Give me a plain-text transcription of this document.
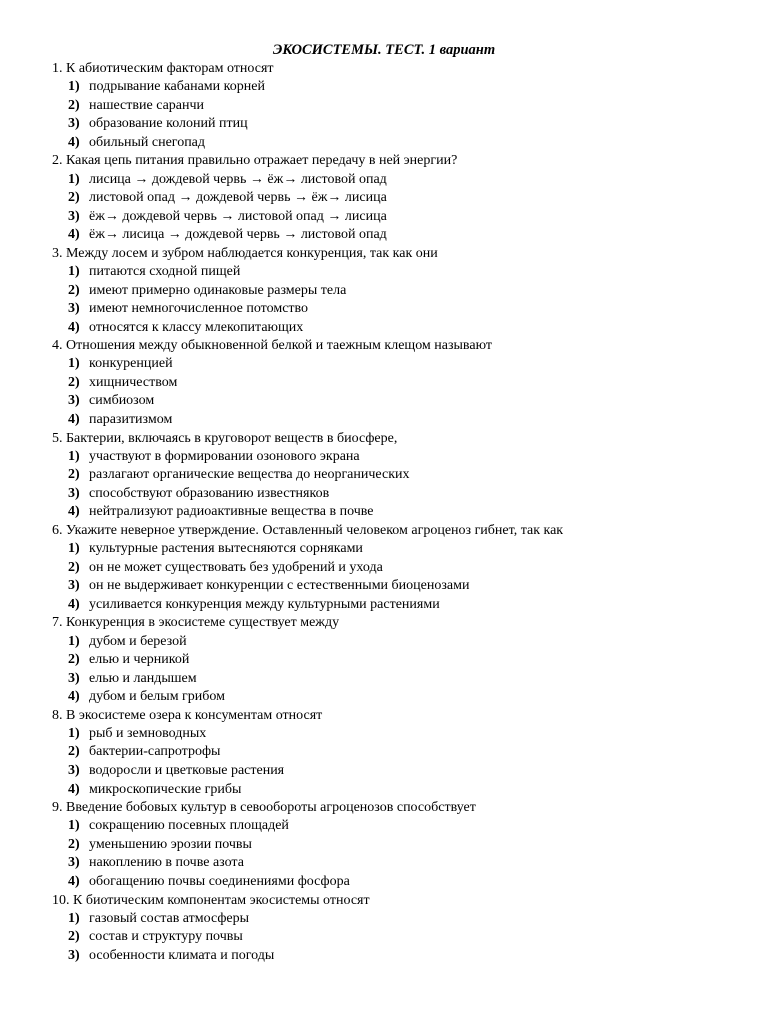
ЭКОСИСТЕМЫ. ТЕСТ. 1 вариант
1. К абиотическим факторам относят
1) подрывание кабанами корней
2) нашествие саранчи
3) образование колоний птиц
4) обильный снегопад
2. Какая цепь питания правильно отражает передачу в ней энергии?
1) лисица → дождевой червь → ёж→ листовой опад
2) листовой опад → дождевой червь → ёж→ лисица
3) ёж→ дождевой червь → листовой опад → лисица
4) ёж→ лисица → дождевой червь → листовой опад
3. Между лосем и зубром наблюдается конкуренция, так как они
1) питаются сходной пищей
2) имеют примерно одинаковые размеры тела
3) имеют немногочисленное потомство
4) относятся к классу млекопитающих
4. Отношения между обыкновенной белкой и таежным клещом называют
1) конкуренцией
2) хищничеством
3) симбиозом
4) паразитизмом
5. Бактерии, включаясь в круговорот веществ в биосфере,
1) участвуют в формировании озонового экрана
2) разлагают органические вещества до неорганических
3) способствуют образованию известняков
4) нейтрализуют радиоактивные вещества в почве
6. Укажите неверное утверждение. Оставленный человеком агроценоз гибнет, так как
1) культурные растения вытесняются сорняками
2) он не может существовать без удобрений и ухода
3) он не выдерживает конкуренции с естественными биоценозами
4) усиливается конкуренция между культурными растениями
7. Конкуренция в экосистеме существует между
1) дубом и березой
2) елью и черникой
3) елью и ландышем
4) дубом и белым грибом
8. В экосистеме озера к консументам относят
1) рыб и земноводных
2) бактерии-сапротрофы
3) водоросли и цветковые растения
4) микроскопические грибы
9. Введение бобовых культур в севообороты агроценозов способствует
1) сокращению посевных площадей
2) уменьшению эрозии почвы
3) накоплению в почве азота
4) обогащению почвы соединениями фосфора
10. К биотическим компонентам экосистемы относят
1) газовый состав атмосферы
2) состав и структуру почвы
3) особенности климата и погоды
